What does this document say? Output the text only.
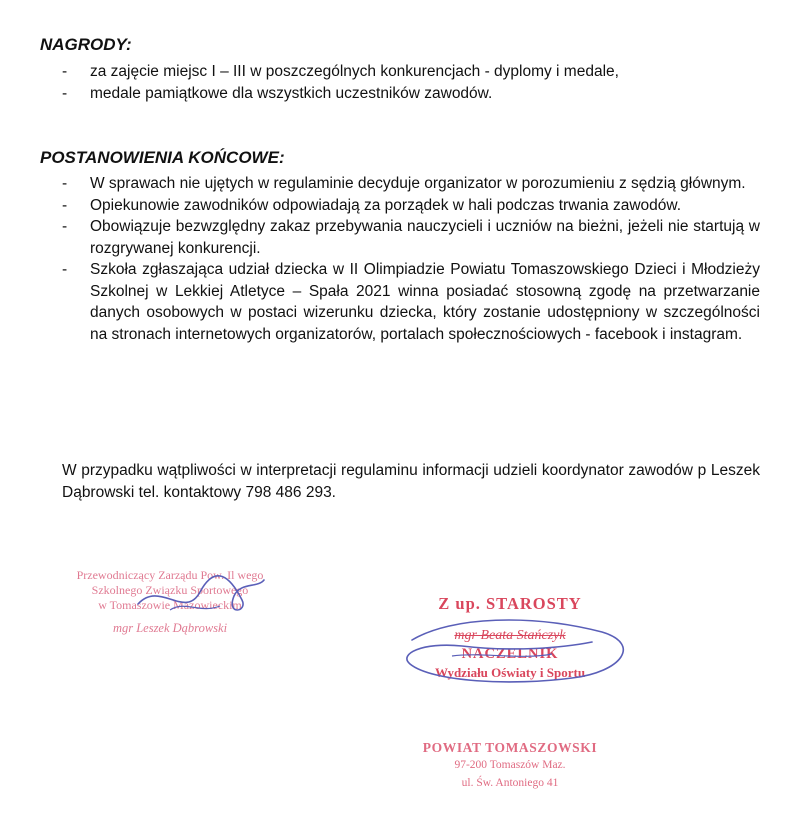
NAGRODY:
- za zajęcie miejsc I – III w poszczególnych konkurencjach - dyplomy i medale,
- medale pamiątkowe dla wszystkich uczestników zawodów.
POSTANOWIENIA KOŃCOWE:
- W sprawach nie ujętych w regulaminie decyduje organizator w porozumieniu z sędzią głównym.
- Opiekunowie zawodników odpowiadają za porządek w hali podczas trwania zawodów.
- Obowiązuje bezwzględny zakaz przebywania nauczycieli i uczniów na bieżni, jeżeli nie startują w rozgrywanej konkurencji.
- Szkoła zgłaszająca udział dziecka w II Olimpiadzie Powiatu Tomaszowskiego Dzieci i Młodzieży Szkolnej w Lekkiej Atletyce – Spała 2021 winna posiadać stosowną zgodę na przetwarzanie danych osobowych w postaci wizerunku dziecka, który zostanie udostępniony w szczególności na stronach internetowych organizatorów, portalach społecznościowych - facebook i instagram.
W przypadku wątpliwości w interpretacji regulaminu informacji udzieli koordynator zawodów p Leszek Dąbrowski tel. kontaktowy 798 486 293.
Przewodniczący Zarządu Pow. Il wego
Szkolnego Związku Sportowego
w Tomaszowie Mazowieckim
mgr Leszek Dąbrowski
Z up. STAROSTY
mgr Beata Stańczyk
NACZELNIK
Wydziału Oświaty i Sportu
POWIAT TOMASZOWSKI
97-200 Tomaszów Maz.
ul. Św. Antoniego 41
